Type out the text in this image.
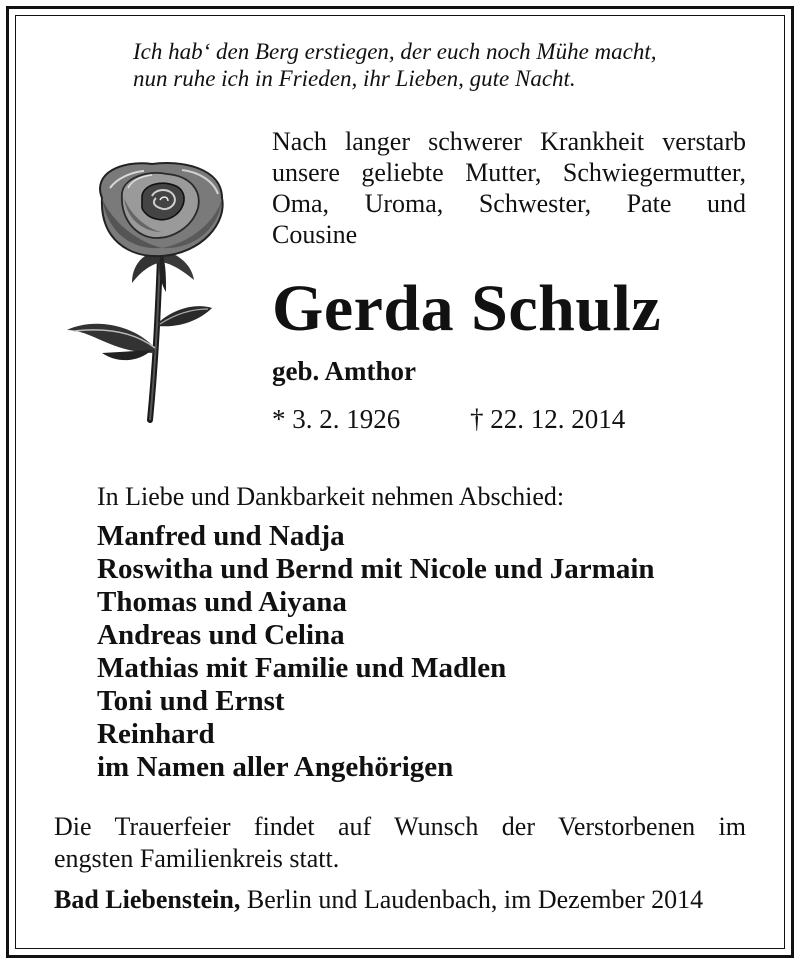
Ich hab‘ den Berg erstiegen, der euch noch Mühe macht,
nun ruhe ich in Frieden, ihr Lieben, gute Nacht.
Nach langer schwerer Krankheit verstarb
unsere geliebte Mutter, Schwiegermutter,
Oma, Uroma, Schwester, Pate und
Cousine
Gerda Schulz
geb. Amthor
* 3. 2. 1926	† 22. 12. 2014
In Liebe und Dankbarkeit nehmen Abschied:
Manfred und Nadja
Roswitha und Bernd mit Nicole und Jarmain
Thomas und Aiyana
Andreas und Celina
Mathias mit Familie und Madlen
Toni und Ernst
Reinhard
im Namen aller Angehörigen
Die Trauerfeier findet auf Wunsch der Verstorbenen im
engsten Familienkreis statt.
Bad Liebenstein, Berlin und Laudenbach, im Dezember 2014
